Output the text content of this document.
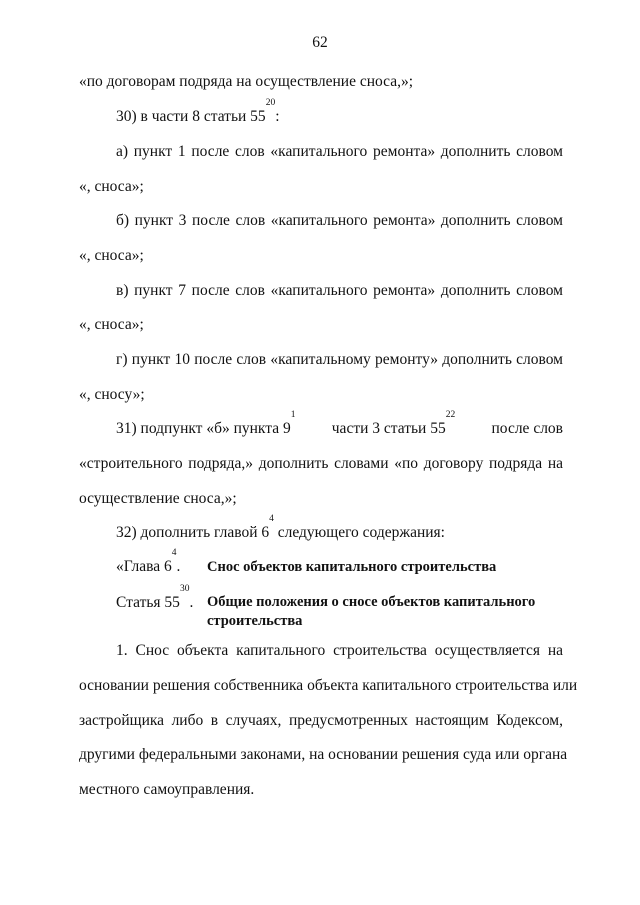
62
«по договорам подряда на осуществление сноса,»;
30) в части 8 статьи $55^{20}$:
а) пункт 1 после слов «капитального ремонта» дополнить словом
«, сноса»;
б) пункт 3 после слов «капитального ремонта» дополнить словом
«, сноса»;
в) пункт 7 после слов «капитального ремонта» дополнить словом
«, сноса»;
г) пункт 10 после слов «капитальному ремонту» дополнить словом
«, сносу»;
31) подпункт «б» пункта $9^1$
части 3 статьи $55^{22}$
после слов
«строительного подряда,» дополнить словами «по договору подряда на
осуществление сноса,»;
32) дополнить главой $6^4$ следующего содержания:
«Глава $6^4$. Снос объектов капитального строительства
Статья $55^{30}$. Общие положения о сносе объектов капитального строительства
1. Снос объекта капитального строительства осуществляется на
основании решения собственника объекта капитального строительства или
застройщика либо в случаях, предусмотренных настоящим Кодексом,
другими федеральными законами, на основании решения суда или органа
местного самоуправления.
